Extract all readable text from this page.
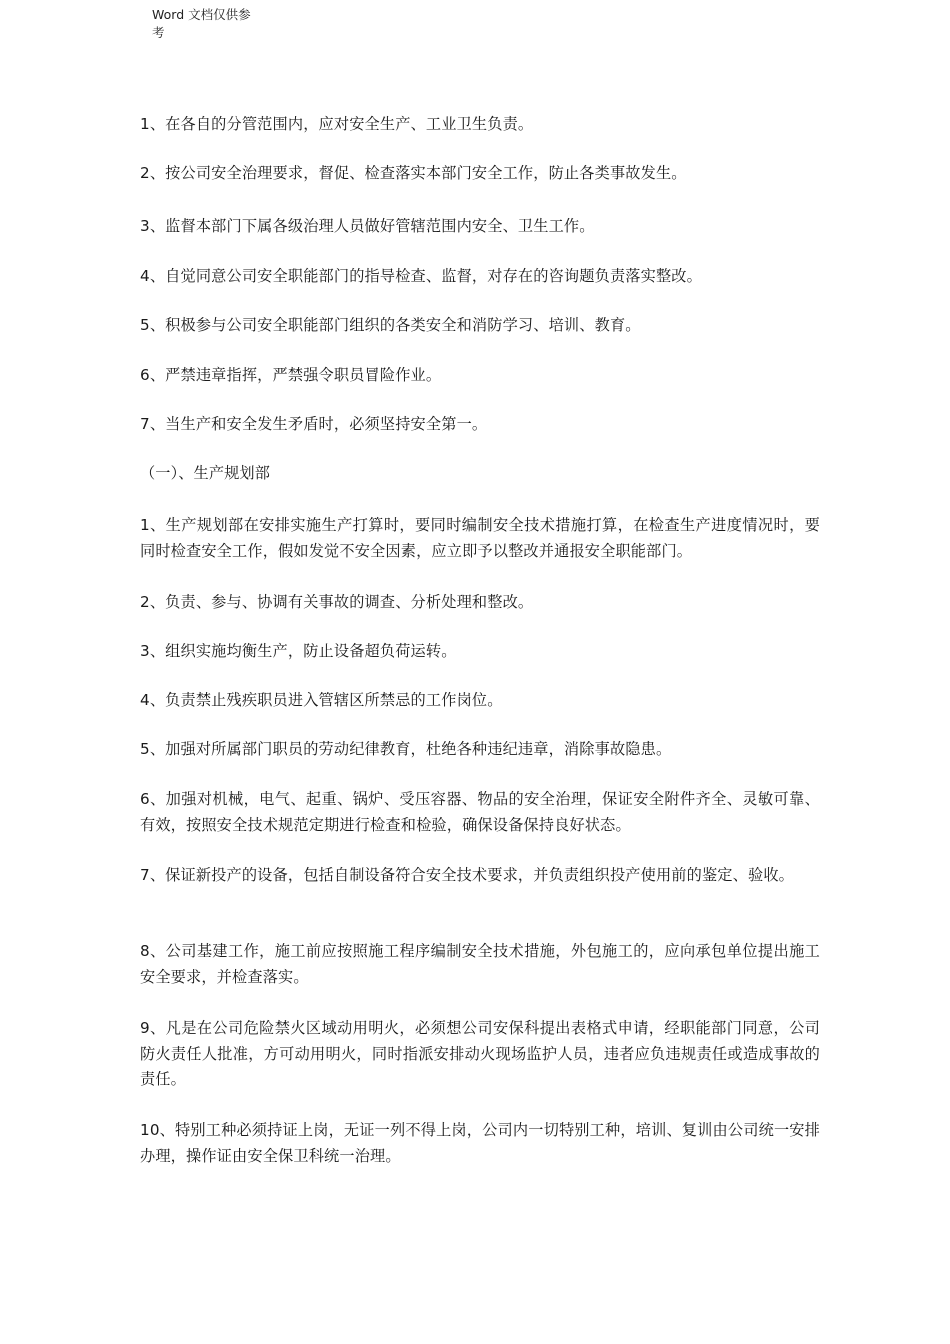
Word 文档仅供参
考

1、在各自的分管范围内，应对安全生产、工业卫生负责。

2、按公司安全治理要求，督促、检查落实本部门安全工作，防止各类事故发生。

3、监督本部门下属各级治理人员做好管辖范围内安全、卫生工作。

4、自觉同意公司安全职能部门的指导检查、监督，对存在的咨询题负责落实整改。

5、积极参与公司安全职能部门组织的各类安全和消防学习、培训、教育。

6、严禁违章指挥，严禁强令职员冒险作业。

7、当生产和安全发生矛盾时，必须坚持安全第一。

（一）、生产规划部

1、生产规划部在安排实施生产打算时，要同时编制安全技术措施打算，在检查生产进度情况时，要同时检查安全工作，假如发觉不安全因素，应立即予以整改并通报安全职能部门。

2、负责、参与、协调有关事故的调查、分析处理和整改。

3、组织实施均衡生产，防止设备超负荷运转。

4、负责禁止残疾职员进入管辖区所禁忌的工作岗位。

5、加强对所属部门职员的劳动纪律教育，杜绝各种违纪违章，消除事故隐患。

6、加强对机械，电气、起重、锅炉、受压容器、物品的安全治理，保证安全附件齐全、灵敏可靠、有效，按照安全技术规范定期进行检查和检验，确保设备保持良好状态。

7、保证新投产的设备，包括自制设备符合安全技术要求，并负责组织投产使用前的鉴定、验收。

8、公司基建工作，施工前应按照施工程序编制安全技术措施，外包施工的，应向承包单位提出施工安全要求，并检查落实。

9、凡是在公司危险禁火区域动用明火，必须想公司安保科提出表格式申请，经职能部门同意，公司防火责任人批准，方可动用明火，同时指派安排动火现场监护人员，违者应负违规责任或造成事故的责任。

10、特别工种必须持证上岗，无证一列不得上岗，公司内一切特别工种，培训、复训由公司统一安排办理，操作证由安全保卫科统一治理。
